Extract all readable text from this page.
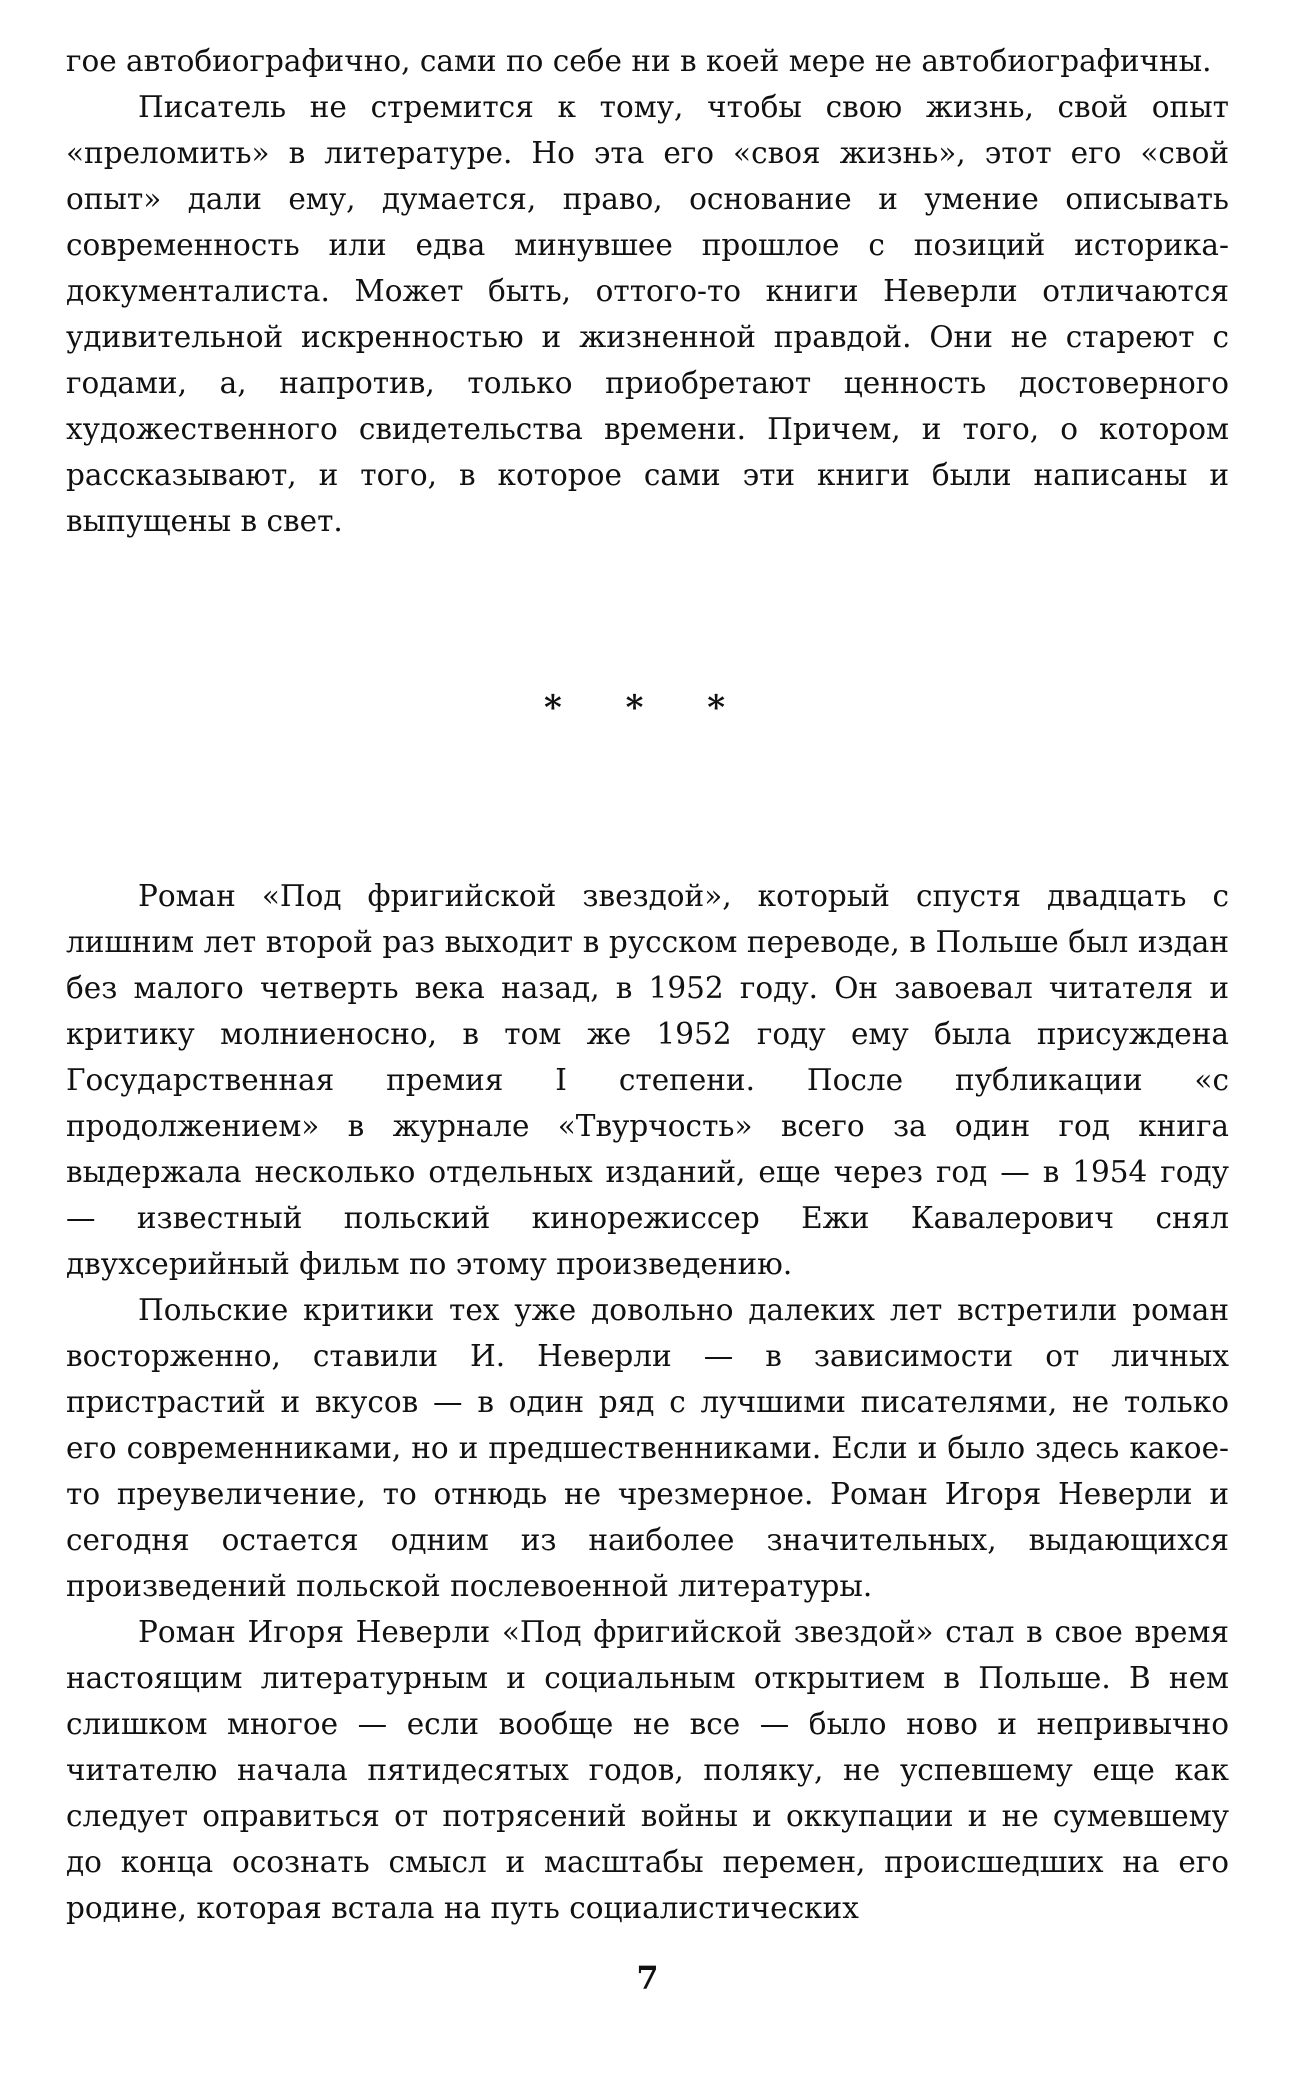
гое автобиографично, сами по себе ни в коей мере не автобиографичны.

Писатель не стремится к тому, чтобы свою жизнь, свой опыт «преломить» в литературе. Но эта его «своя жизнь», этот его «свой опыт» дали ему, думается, право, основание и умение описывать современность или едва минувшее прошлое с позиций историка-документалиста. Может быть, оттого-то книги Неверли отличаются удивительной искренностью и жизненной правдой. Они не стареют с годами, а, напротив, только приобретают ценность достоверного художественного свидетельства времени. Причем, и того, о котором рассказывают, и того, в которое сами эти книги были написаны и выпущены в свет.

* * *

Роман «Под фригийской звездой», который спустя двадцать с лишним лет второй раз выходит в русском переводе, в Польше был издан без малого четверть века назад, в 1952 году. Он завоевал читателя и критику молниеносно, в том же 1952 году ему была присуждена Государственная премия I степени. После публикации «с продолжением» в журнале «Твурчость» всего за один год книга выдержала несколько отдельных изданий, еще через год — в 1954 году — известный польский кинорежиссер Ежи Кавалерович снял двухсерийный фильм по этому произведению.

Польские критики тех уже довольно далеких лет встретили роман восторженно, ставили И. Неверли — в зависимости от личных пристрастий и вкусов — в один ряд с лучшими писателями, не только его современниками, но и предшественниками. Если и было здесь какое-то преувеличение, то отнюдь не чрезмерное. Роман Игоря Неверли и сегодня остается одним из наиболее значительных, выдающихся произведений польской послевоенной литературы.

Роман Игоря Неверли «Под фригийской звездой» стал в свое время настоящим литературным и социальным открытием в Польше. В нем слишком многое — если вообще не все — было ново и непривычно читателю начала пятидесятых годов, поляку, не успевшему еще как следует оправиться от потрясений войны и оккупации и не сумевшему до конца осознать смысл и масштабы перемен, происшедших на его родине, которая встала на путь социалистических

7
